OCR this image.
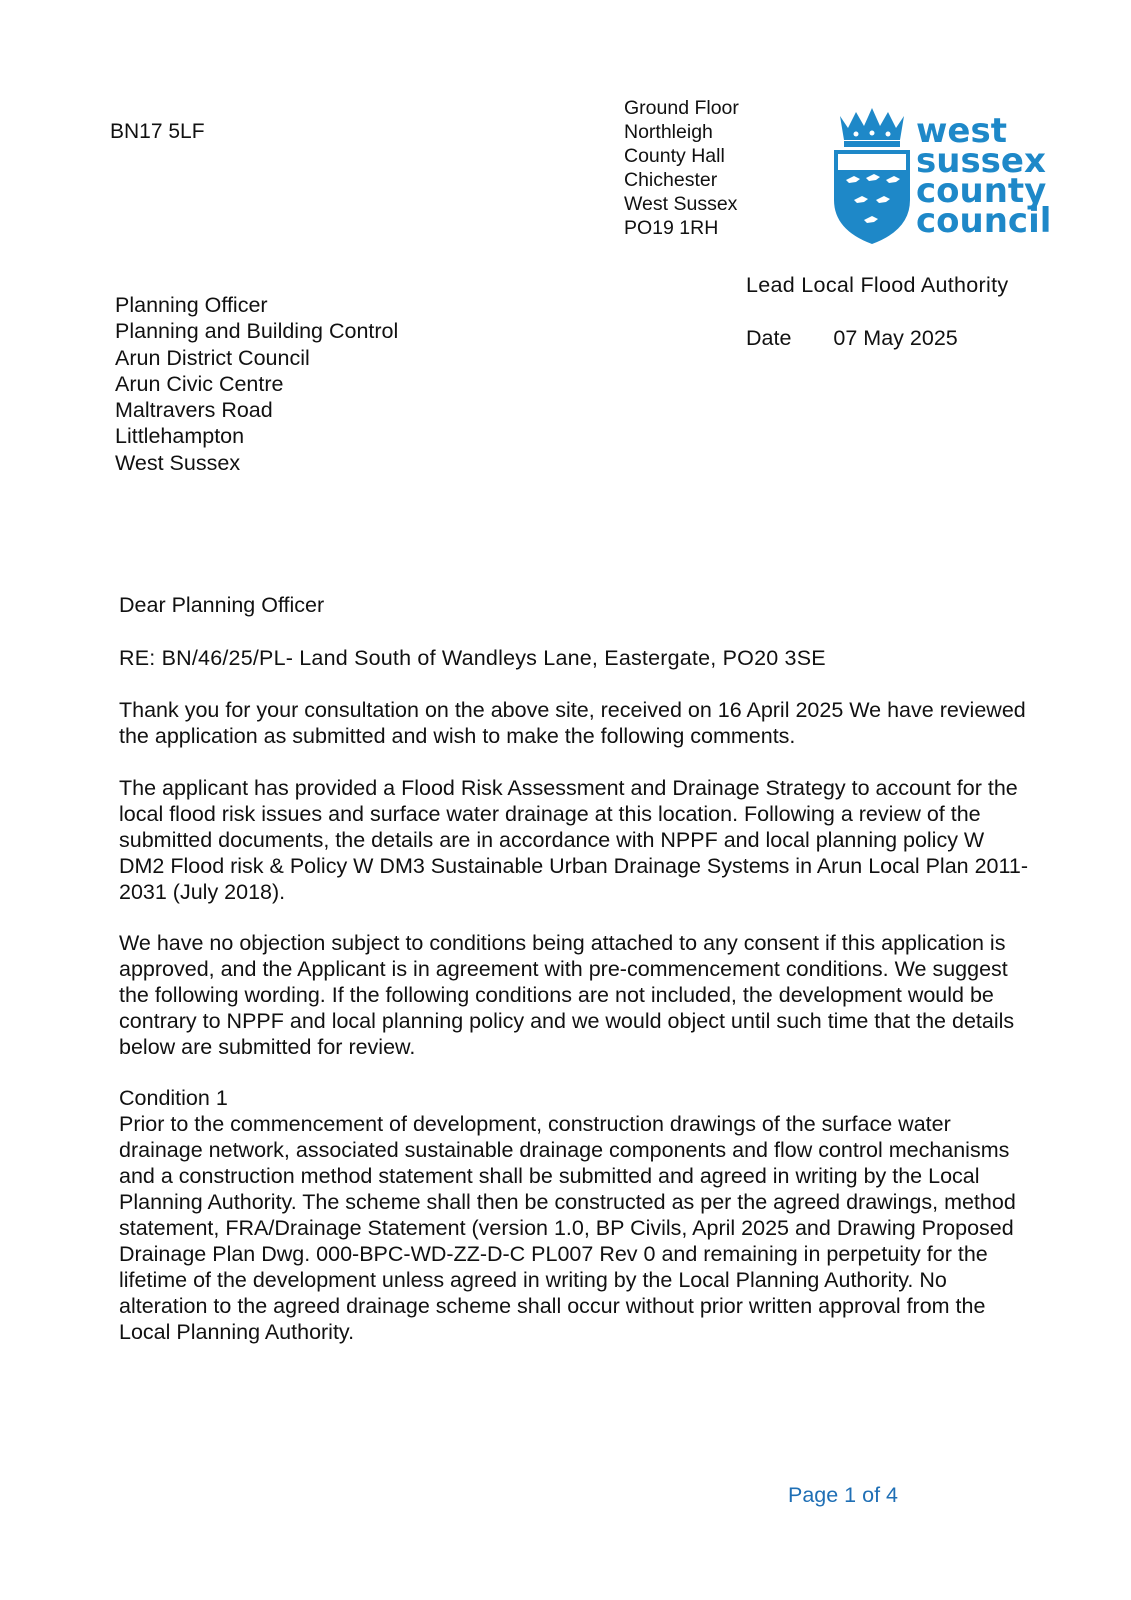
BN17 5LF
Ground Floor
Northleigh
County Hall
Chichester
West Sussex
PO19 1RH
west
sussex
county
council
Lead Local Flood Authority
Date 07 May 2025
Planning Officer
Planning and Building Control
Arun District Council
Arun Civic Centre
Maltravers Road
Littlehampton
West Sussex
Dear Planning Officer
RE: BN/46/25/PL- Land South of Wandleys Lane, Eastergate, PO20 3SE

Thank you for your consultation on the above site, received on 16 April 2025 We have reviewed the application as submitted and wish to make the following comments.

The applicant has provided a Flood Risk Assessment and Drainage Strategy to account for the local flood risk issues and surface water drainage at this location. Following a review of the submitted documents, the details are in accordance with NPPF and local planning policy W DM2 Flood risk & Policy W DM3 Sustainable Urban Drainage Systems in Arun Local Plan 2011-2031 (July 2018).

We have no objection subject to conditions being attached to any consent if this application is approved, and the Applicant is in agreement with pre-commencement conditions. We suggest the following wording. If the following conditions are not included, the development would be contrary to NPPF and local planning policy and we would object until such time that the details below are submitted for review.

Condition 1

Prior to the commencement of development, construction drawings of the surface water drainage network, associated sustainable drainage components and flow control mechanisms and a construction method statement shall be submitted and agreed in writing by the Local Planning Authority. The scheme shall then be constructed as per the agreed drawings, method statement, FRA/Drainage Statement (version 1.0, BP Civils, April 2025 and Drawing Proposed Drainage Plan Dwg. 000-BPC-WD-ZZ-D-C PL007 Rev 0 and remaining in perpetuity for the lifetime of the development unless agreed in writing by the Local Planning Authority. No alteration to the agreed drainage scheme shall occur without prior written approval from the Local Planning Authority.

Page 1 of 4
